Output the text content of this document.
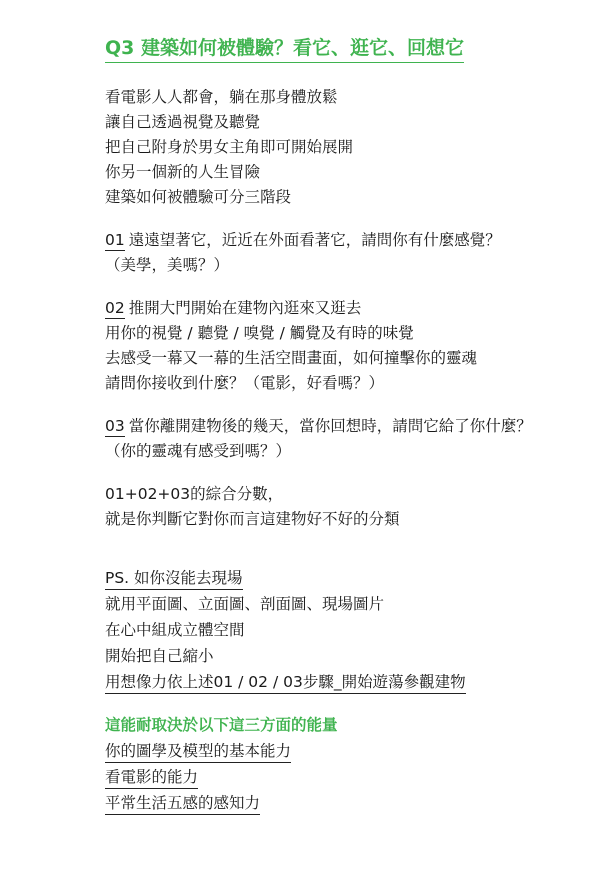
Q3 建築如何被體驗？看它、逛它、回想它
看電影人人都會，躺在那身體放鬆
讓自己透過視覺及聽覺
把自己附身於男女主角即可開始展開
你另一個新的人生冒險
建築如何被體驗可分三階段
01 遠遠望著它，近近在外面看著它，請問你有什麼感覺？
（美學，美嗎？）
02 推開大門開始在建物內逛來又逛去
用你的視覺 / 聽覺 / 嗅覺 / 觸覺及有時的味覺
去感受一幕又一幕的生活空間畫面，如何撞擊你的靈魂
請問你接收到什麼？（電影，好看嗎？）
03 當你離開建物後的幾天，當你回想時，請問它給了你什麼？
（你的靈魂有感受到嗎？）
01+02+03的綜合分數，
就是你判斷它對你而言這建物好不好的分類
PS. 如你沒能去現場
就用平面圖、立面圖、剖面圖、現場圖片
在心中組成立體空間
開始把自己縮小
用想像力依上述01 / 02 / 03步驟_開始遊蕩參觀建物
這能耐取決於以下這三方面的能量
你的圖學及模型的基本能力
看電影的能力
平常生活五感的感知力
